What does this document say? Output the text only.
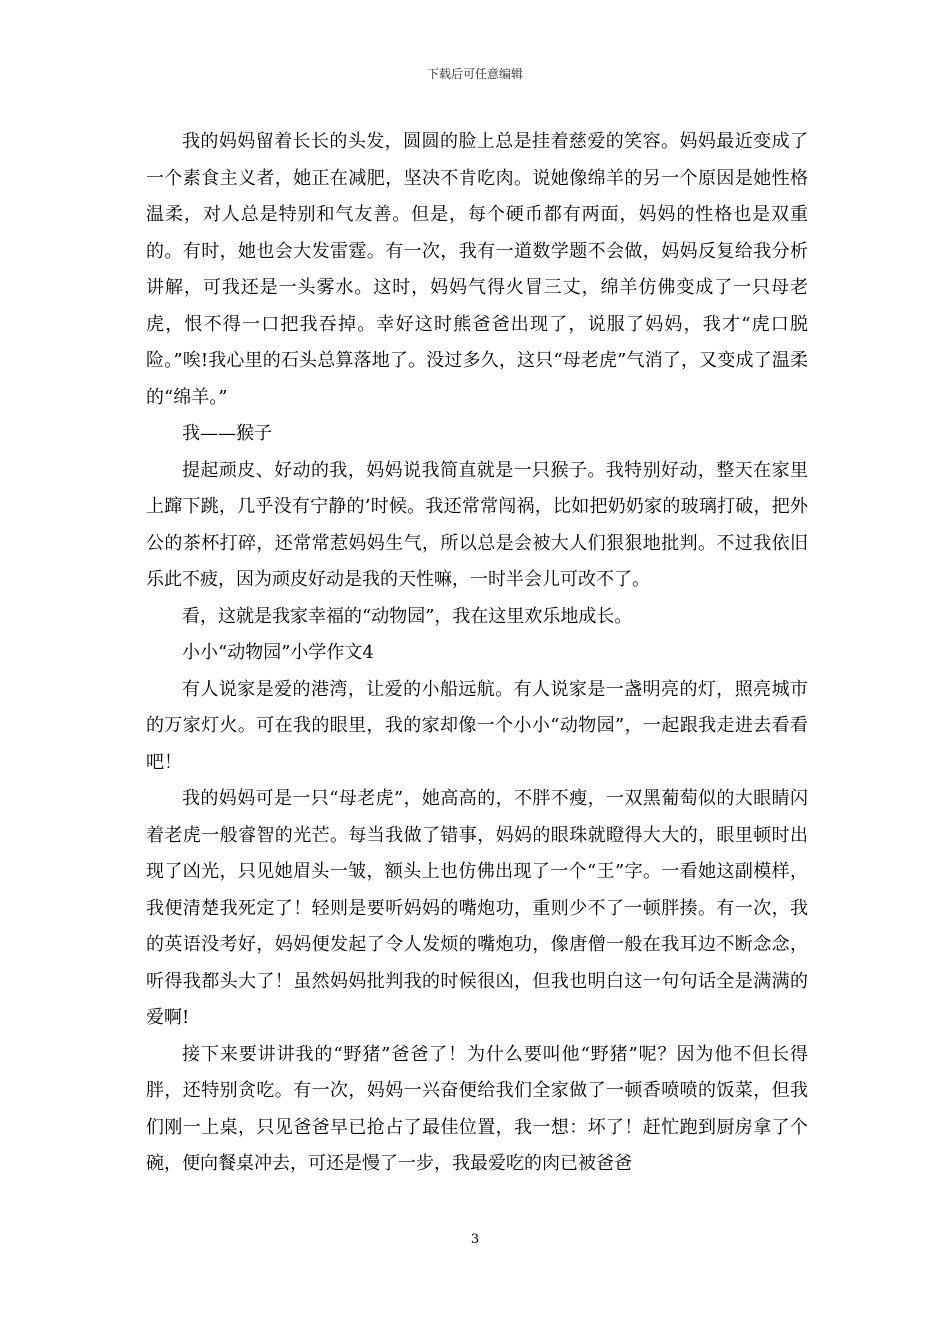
下载后可任意编辑

我的妈妈留着长长的头发，圆圆的脸上总是挂着慈爱的笑容。妈妈最近变成了一个素食主义者，她正在减肥，坚决不肯吃肉。说她像绵羊的另一个原因是她性格温柔，对人总是特别和气友善。但是，每个硬币都有两面，妈妈的性格也是双重的。有时，她也会大发雷霆。有一次，我有一道数学题不会做，妈妈反复给我分析讲解，可我还是一头雾水。这时，妈妈气得火冒三丈，绵羊仿佛变成了一只母老虎，恨不得一口把我吞掉。幸好这时熊爸爸出现了，说服了妈妈，我才“虎口脱险。”唉!我心里的石头总算落地了。没过多久，这只“母老虎”气消了，又变成了温柔的“绵羊。”

我——猴子

提起顽皮、好动的我，妈妈说我简直就是一只猴子。我特别好动，整天在家里上蹿下跳，几乎没有宁静的’时候。我还常常闯祸，比如把奶奶家的玻璃打破，把外公的茶杯打碎，还常常惹妈妈生气，所以总是会被大人们狠狠地批判。不过我依旧乐此不疲，因为顽皮好动是我的天性嘛，一时半会儿可改不了。

看，这就是我家幸福的“动物园”，我在这里欢乐地成长。

小小“动物园”小学作文4

有人说家是爱的港湾，让爱的小船远航。有人说家是一盏明亮的灯，照亮城市的万家灯火。可在我的眼里，我的家却像一个小小“动物园”，一起跟我走进去看看吧！

我的妈妈可是一只“母老虎”，她高高的，不胖不瘦，一双黑葡萄似的大眼睛闪着老虎一般睿智的光芒。每当我做了错事，妈妈的眼珠就瞪得大大的，眼里顿时出现了凶光，只见她眉头一皱，额头上也仿佛出现了一个“王”字。一看她这副模样，我便清楚我死定了！轻则是要听妈妈的嘴炮功，重则少不了一顿胖揍。有一次，我的英语没考好，妈妈便发起了令人发烦的嘴炮功，像唐僧一般在我耳边不断念念，听得我都头大了！虽然妈妈批判我的时候很凶，但我也明白这一句句话全是满满的爱啊!

接下来要讲讲我的“野猪”爸爸了！为什么要叫他“野猪”呢？因为他不但长得胖，还特别贪吃。有一次，妈妈一兴奋便给我们全家做了一顿香喷喷的饭菜，但我们刚一上桌，只见爸爸早已抢占了最佳位置，我一想：坏了！赶忙跑到厨房拿了个碗，便向餐桌冲去，可还是慢了一步，我最爱吃的肉已被爸爸

3
